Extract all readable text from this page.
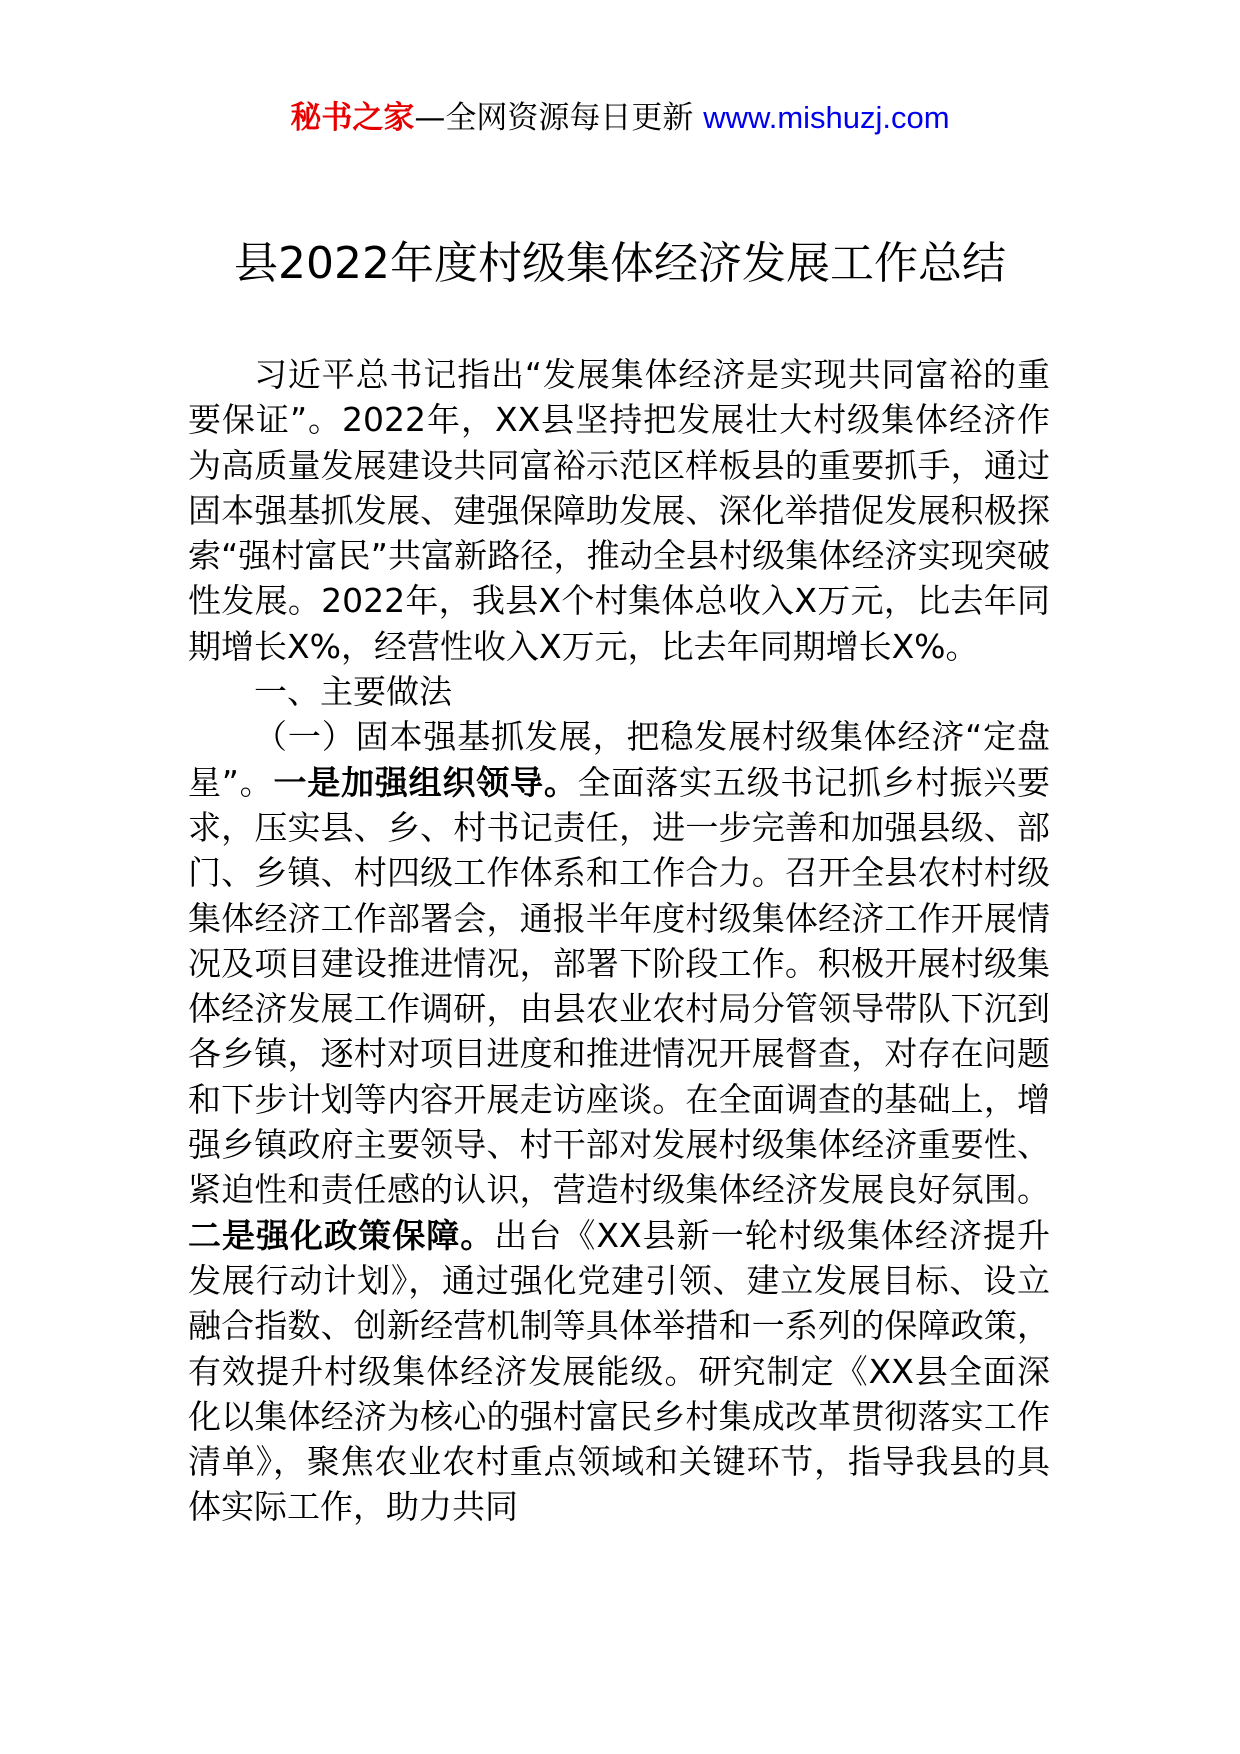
秘书之家—全网资源每日更新 www.mishuzj.com
县2022年度村级集体经济发展工作总结

习近平总书记指出“发展集体经济是实现共同富裕的重要保证”。2022年，XX县坚持把发展壮大村级集体经济作为高质量发展建设共同富裕示范区样板县的重要抓手，通过固本强基抓发展、建强保障助发展、深化举措促发展积极探索“强村富民”共富新路径，推动全县村级集体经济实现突破性发展。2022年，我县X个村集体总收入X万元，比去年同期增长X%，经营性收入X万元，比去年同期增长X%。

一、主要做法

（一）固本强基抓发展，把稳发展村级集体经济“定盘星”。一是加强组织领导。全面落实五级书记抓乡村振兴要求，压实县、乡、村书记责任，进一步完善和加强县级、部门、乡镇、村四级工作体系和工作合力。召开全县农村村级集体经济工作部署会，通报半年度村级集体经济工作开展情况及项目建设推进情况，部署下阶段工作。积极开展村级集体经济发展工作调研，由县农业农村局分管领导带队下沉到各乡镇，逐村对项目进度和推进情况开展督查，对存在问题和下步计划等内容开展走访座谈。在全面调查的基础上，增强乡镇政府主要领导、村干部对发展村级集体经济重要性、紧迫性和责任感的认识，营造村级集体经济发展良好氛围。二是强化政策保障。出台《XX县新一轮村级集体经济提升发展行动计划》，通过强化党建引领、建立发展目标、设立融合指数、创新经营机制等具体举措和一系列的保障政策，有效提升村级集体经济发展能级。研究制定《XX县全面深化以集体经济为核心的强村富民乡村集成改革贯彻落实工作清单》，聚焦农业农村重点领域和关键环节，指导我县的具体实际工作，助力共同
